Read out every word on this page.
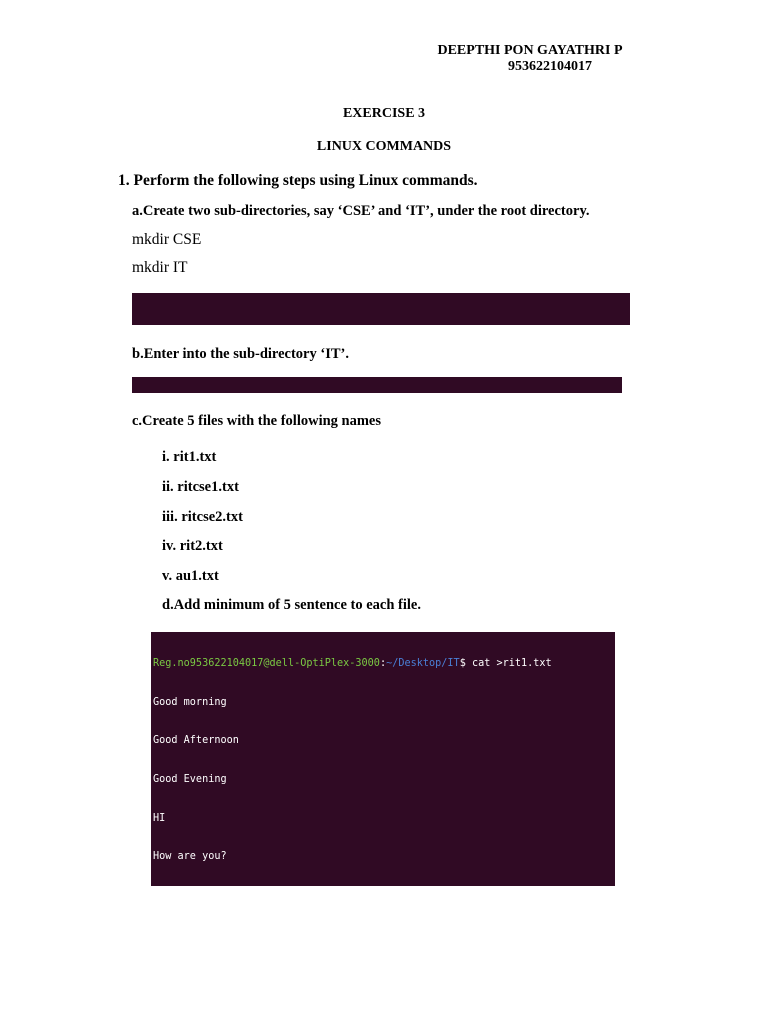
DEEPTHI PON GAYATHRI P
953622104017
EXERCISE 3
LINUX COMMANDS
1. Perform the following steps using Linux commands.
a.Create two sub-directories, say ‘CSE’ and ‘IT’, under the root directory.
mkdir CSE
mkdir IT

b.Enter into the sub-directory ‘IT’.

c.Create 5 files with the following names
i. rit1.txt
ii. ritcse1.txt
iii. ritcse2.txt
iv. rit2.txt
v. au1.txt
d.Add minimum of 5 sentence to each file.

Reg.no953622104017@dell-OptiPlex-3000:~/Desktop/IT$ cat >rit1.txt

Good morning

Good Afternoon

Good Evening

HI

How are you?
